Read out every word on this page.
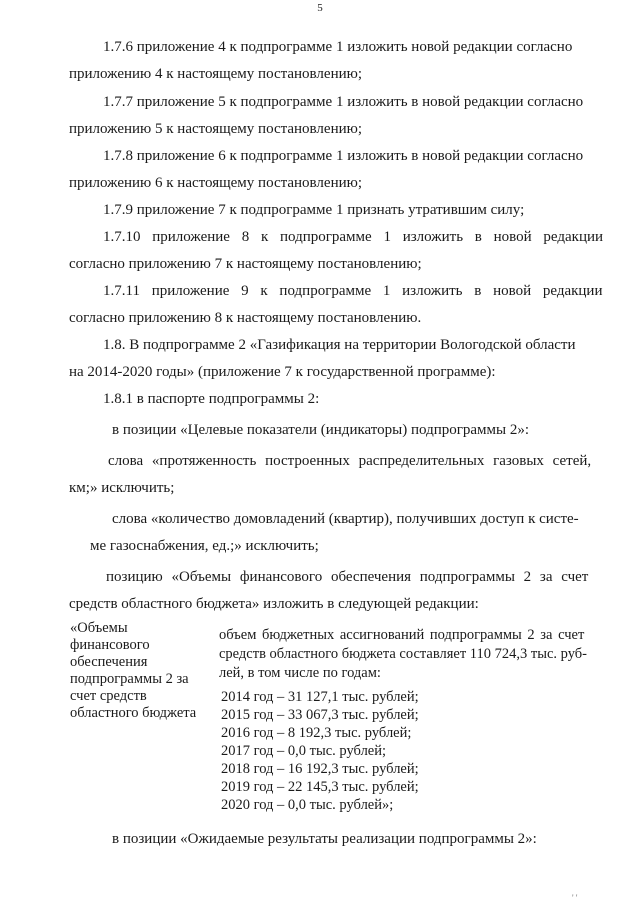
5
1.7.6 приложение 4 к подпрограмме 1 изложить новой редакции согласно
приложению 4 к настоящему постановлению;
1.7.7 приложение 5 к подпрограмме 1 изложить в новой редакции согласно
приложению 5 к настоящему постановлению;
1.7.8 приложение 6 к подпрограмме 1 изложить в новой редакции согласно
приложению 6 к настоящему постановлению;
1.7.9 приложение 7 к подпрограмме 1 признать утратившим силу;
1.7.10 приложение 8 к подпрограмме 1 изложить в новой редакции
согласно приложению 7 к настоящему постановлению;
1.7.11 приложение 9 к подпрограмме 1 изложить в новой редакции
согласно приложению 8 к настоящему постановлению.
1.8. В подпрограмме 2 «Газификация на территории Вологодской области
на 2014-2020 годы» (приложение 7 к государственной программе):
1.8.1 в паспорте подпрограммы 2:
в позиции «Целевые показатели (индикаторы) подпрограммы 2»:
слова «протяженность построенных распределительных газовых сетей,
км;» исключить;
слова «количество домовладений (квартир), получивших доступ к систе-
ме газоснабжения, ед.;» исключить;
позицию «Объемы финансового обеспечения подпрограммы 2 за счет
средств областного бюджета» изложить в следующей редакции:
«Объемы
финансового
обеспечения
подпрограммы 2 за
счет средств
областного бюджета
объем бюджетных ассигнований подпрограммы 2 за счет
средств областного бюджета составляет 110 724,3 тыс. руб-
лей, в том числе по годам:
2014 год – 31 127,1 тыс. рублей;
2015 год – 33 067,3 тыс. рублей;
2016 год – 8 192,3 тыс. рублей;
2017 год – 0,0 тыс. рублей;
2018 год – 16 192,3 тыс. рублей;
2019 год – 22 145,3 тыс. рублей;
2020 год – 0,0 тыс. рублей»;
в позиции «Ожидаемые результаты реализации подпрограммы 2»:
' '
